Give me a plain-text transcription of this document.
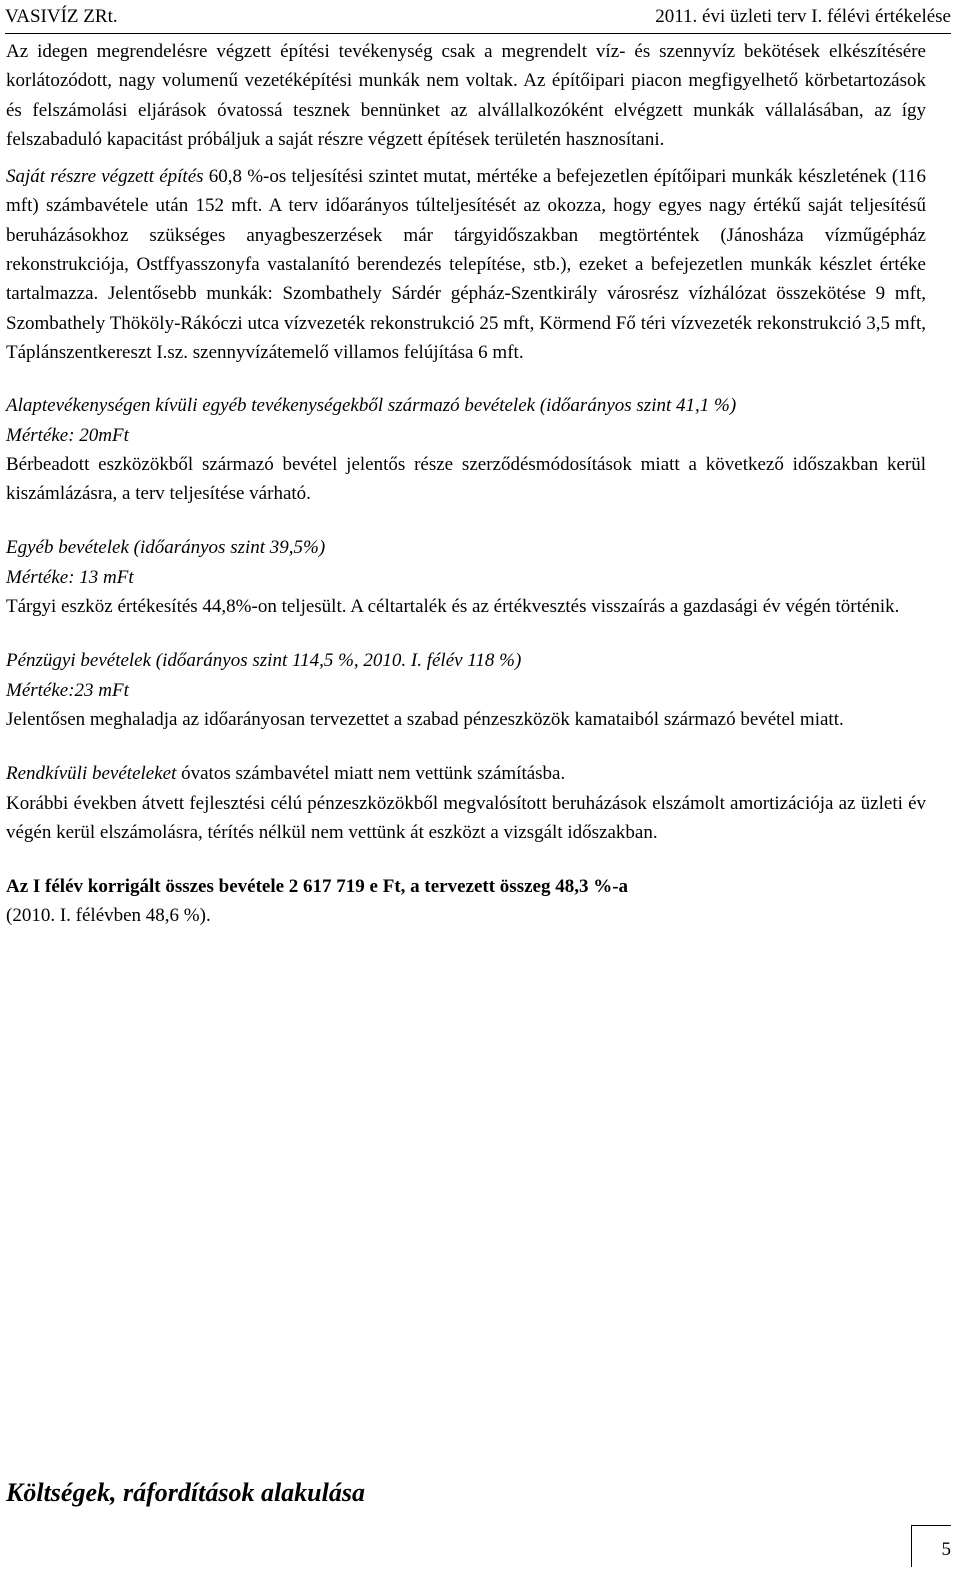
VASIVÍZ ZRt.	2011. évi üzleti terv I. félévi értékelése

Az idegen megrendelésre végzett építési tevékenység csak a megrendelt víz- és szennyvíz bekötések elkészítésére korlátozódott, nagy volumenű vezetéképítési munkák nem voltak. Az építőipari piacon megfigyelhető körbetartozások és felszámolási eljárások óvatossá tesznek bennünket az alvállalkozóként elvégzett munkák vállalásában, az így felszabaduló kapacitást próbáljuk a saját részre végzett építések területén hasznosítani.

Saját részre végzett építés 60,8 %-os teljesítési szintet mutat, mértéke a befejezetlen építőipari munkák készletének (116 mft) számbavétele után 152 mft. A terv időarányos túlteljesítését az okozza, hogy egyes nagy értékű saját teljesítésű beruházásokhoz szükséges anyagbeszerzések már tárgyidőszakban megtörténtek (Jánosháza vízműgépház rekonstrukciója, Ostffyasszonyfa vastalanító berendezés telepítése, stb.), ezeket a befejezetlen munkák készlet értéke tartalmazza. Jelentősebb munkák: Szombathely Sárdér gépház-Szentkirály városrész vízhálózat összekötése 9 mft, Szombathely Thököly-Rákóczi utca vízvezeték rekonstrukció 25 mft, Körmend Fő téri vízvezeték rekonstrukció 3,5 mft, Táplánszentkereszt I.sz. szennyvízátemelő villamos felújítása 6 mft.

Alaptevékenységen kívüli egyéb tevékenységekből származó bevételek (időarányos szint 41,1 %)

Mértéke: 20mFt

Bérbeadott eszközökből származó bevétel jelentős része szerződésmódosítások miatt a következő időszakban kerül kiszámlázásra, a terv teljesítése várható.

Egyéb bevételek (időarányos szint 39,5%)

Mértéke: 13 mFt

Tárgyi eszköz értékesítés 44,8%-on teljesült. A céltartalék és az értékvesztés visszaírás a gazdasági év végén történik.

Pénzügyi bevételek (időarányos szint 114,5 %, 2010. I. félév 118 %)

Mértéke:23 mFt

Jelentősen meghaladja az időarányosan tervezettet a szabad pénzeszközök kamataiból származó bevétel miatt.

Rendkívüli bevételeket óvatos számbavétel miatt nem vettünk számításba.

Korábbi években átvett fejlesztési célú pénzeszközökből megvalósított beruházások elszámolt amortizációja az üzleti év végén kerül elszámolásra, térítés nélkül nem vettünk át eszközt a vizsgált időszakban.

Az I félév korrigált összes bevétele 2 617 719 e Ft, a tervezett összeg 48,3 %-a
(2010. I. félévben 48,6 %).

Költségek, ráfordítások alakulása
5
